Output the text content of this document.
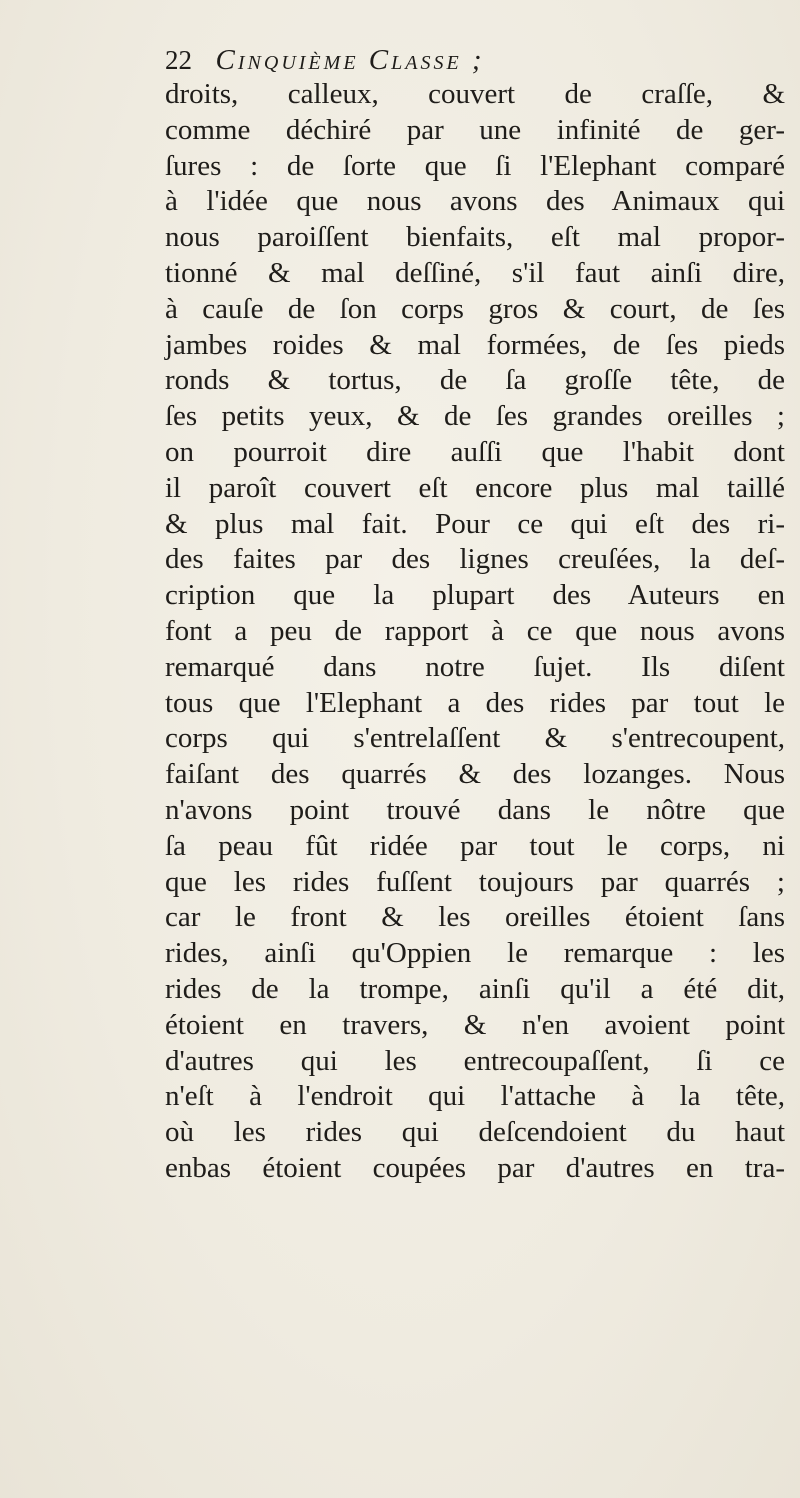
22 Cinquième Classe ;
droits, calleux, couvert de craſſe, &
comme déchiré par une infinité de ger-
ſures : de ſorte que ſi l'Elephant comparé
à l'idée que nous avons des Animaux qui
nous paroiſſent bienfaits, eſt mal propor-
tionné & mal deſſiné, s'il faut ainſi dire,
à cauſe de ſon corps gros & court, de ſes
jambes roides & mal formées, de ſes pieds
ronds & tortus, de ſa groſſe tête, de
ſes petits yeux, & de ſes grandes oreilles ;
on pourroit dire auſſi que l'habit dont
il paroît couvert eſt encore plus mal taillé
& plus mal fait. Pour ce qui eſt des ri-
des faites par des lignes creuſées, la deſ-
cription que la plupart des Auteurs en
font a peu de rapport à ce que nous avons
remarqué dans notre ſujet. Ils diſent
tous que l'Elephant a des rides par tout le
corps qui s'entrelaſſent & s'entrecoupent,
faiſant des quarrés & des lozanges. Nous
n'avons point trouvé dans le nôtre que
ſa peau fût ridée par tout le corps, ni
que les rides fuſſent toujours par quarrés ;
car le front & les oreilles étoient ſans
rides, ainſi qu'Oppien le remarque : les
rides de la trompe, ainſi qu'il a été dit,
étoient en travers, & n'en avoient point
d'autres qui les entrecoupaſſent, ſi ce
n'eſt à l'endroit qui l'attache à la tête,
où les rides qui deſcendoient du haut
enbas étoient coupées par d'autres en tra-
